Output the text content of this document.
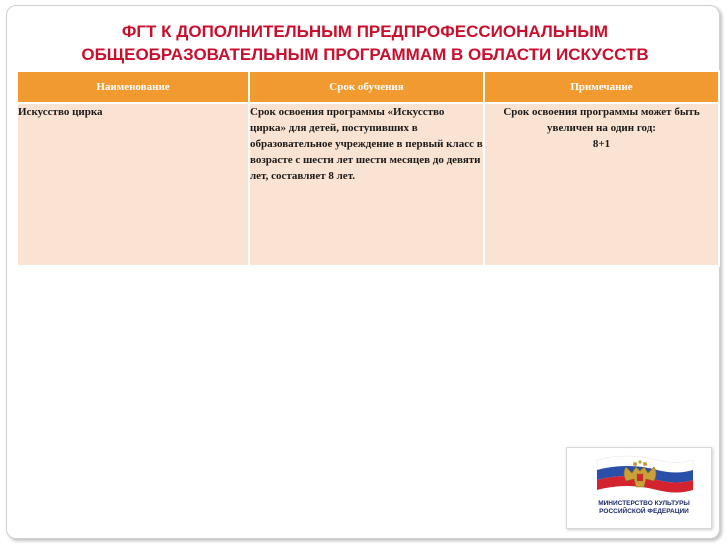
ФГТ К ДОПОЛНИТЕЛЬНЫМ ПРЕДПРОФЕССИОНАЛЬНЫМ
ОБЩЕОБРАЗОВАТЕЛЬНЫМ ПРОГРАММАМ В ОБЛАСТИ ИСКУССТВ
Наименование	Срок обучения	Примечание
Искусство цирка	Срок освоения программы «Искусство цирка» для детей, поступивших в образовательное учреждение в первый класс в возрасте с шести лет шести месяцев до девяти лет, составляет 8 лет.	Срок освоения программы может быть увеличен на один год:
8+1
МИНИСТЕРСТВО КУЛЬТУРЫ
РОССИЙСКОЙ ФЕДЕРАЦИИ
